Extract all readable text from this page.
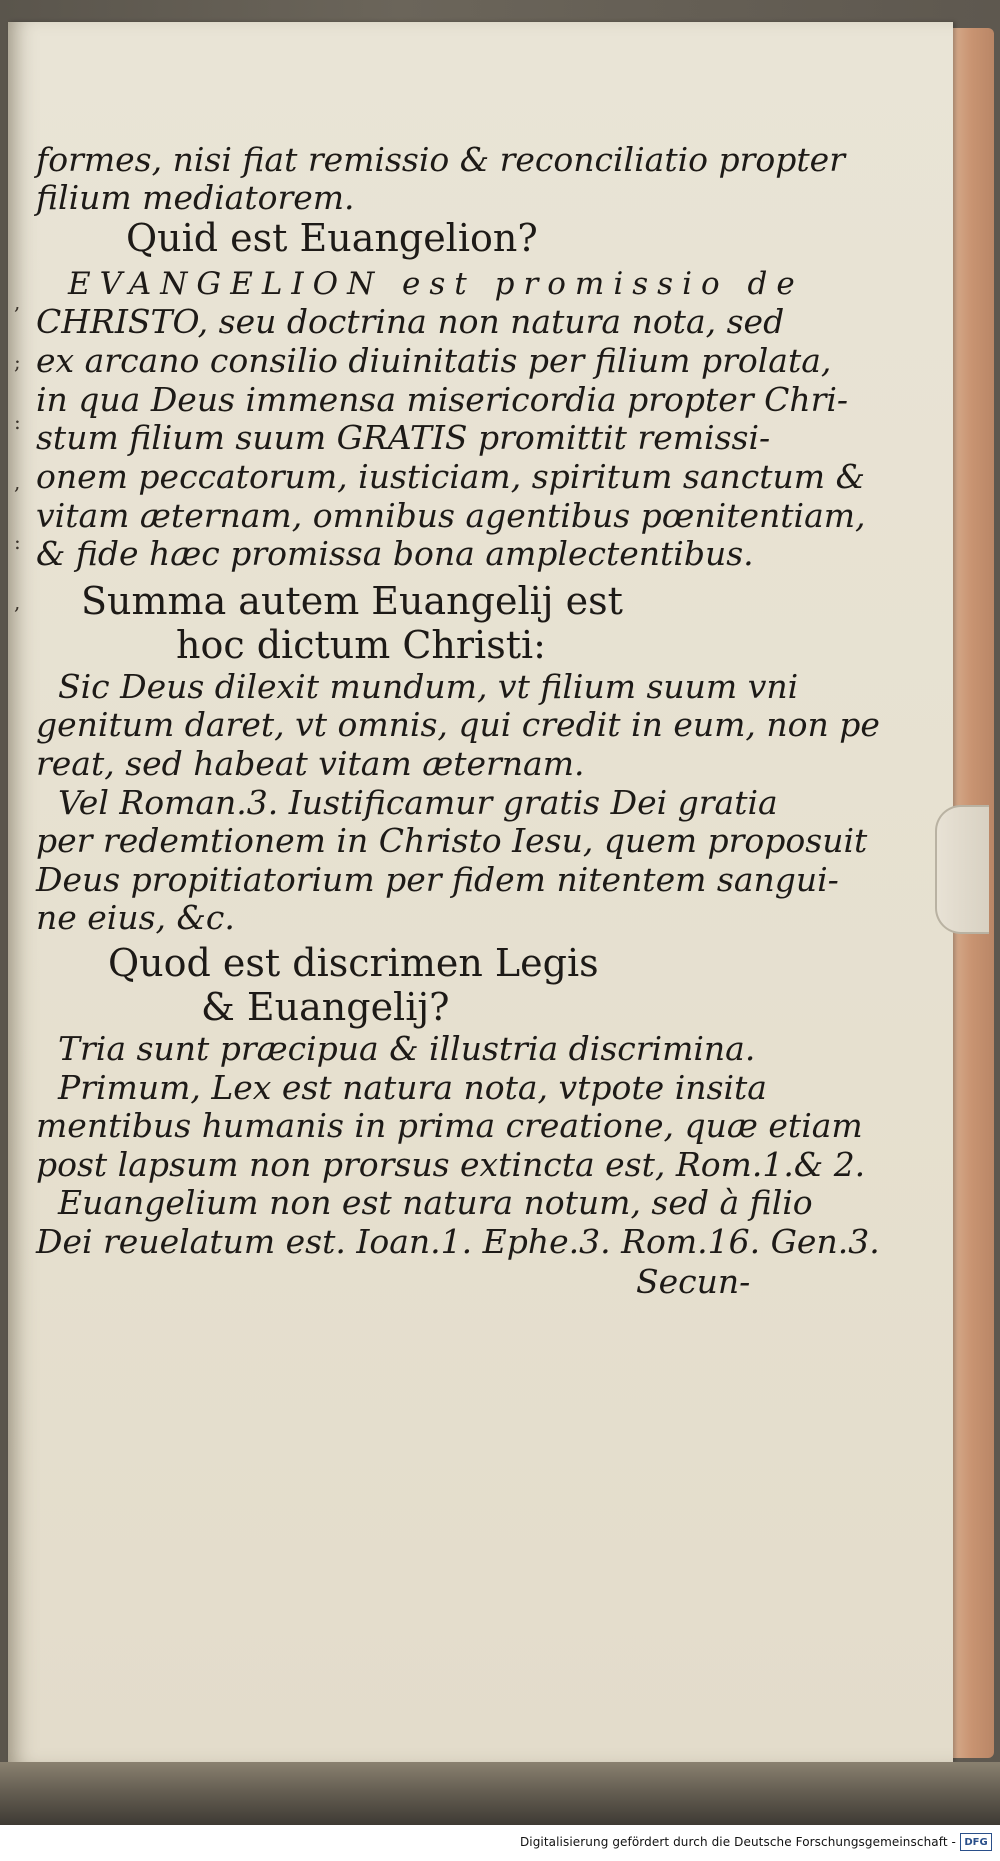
,
;
:
,
:
,
formes, nisi fiat remissio & reconciliatio propter
filium mediatorem.
Quid est Euangelion?
EVANGELION est promissio de
CHRISTO, seu doctrina non natura nota, sed
ex arcano consilio diuinitatis per filium prolata,
in qua Deus immensa misericordia propter Chri-
stum filium suum GRATIS promittit remissi-
onem peccatorum, iusticiam, spiritum sanctum &
vitam æternam, omnibus agentibus pœnitentiam,
& fide hæc promissa bona amplectentibus.
Summa autem Euangelij est
hoc dictum Christi:
Sic Deus dilexit mundum, vt filium suum vni
genitum daret, vt omnis, qui credit in eum, non pe
reat, sed habeat vitam æternam.
Vel Roman.3. Iustificamur gratis Dei gratia
per redemtionem in Christo Iesu, quem proposuit
Deus propitiatorium per fidem nitentem sangui-
ne eius, &c.
Quod est discrimen Legis
& Euangelij?
Tria sunt præcipua & illustria discrimina.
Primum, Lex est natura nota, vtpote insita
mentibus humanis in prima creatione, quæ etiam
post lapsum non prorsus extincta est, Rom.1.& 2.
Euangelium non est natura notum, sed à filio
Dei reuelatum est. Ioan.1. Ephe.3. Rom.16. Gen.3.
Secun-
Digitalisierung gefördert durch die Deutsche Forschungsgemeinschaft - DFG
